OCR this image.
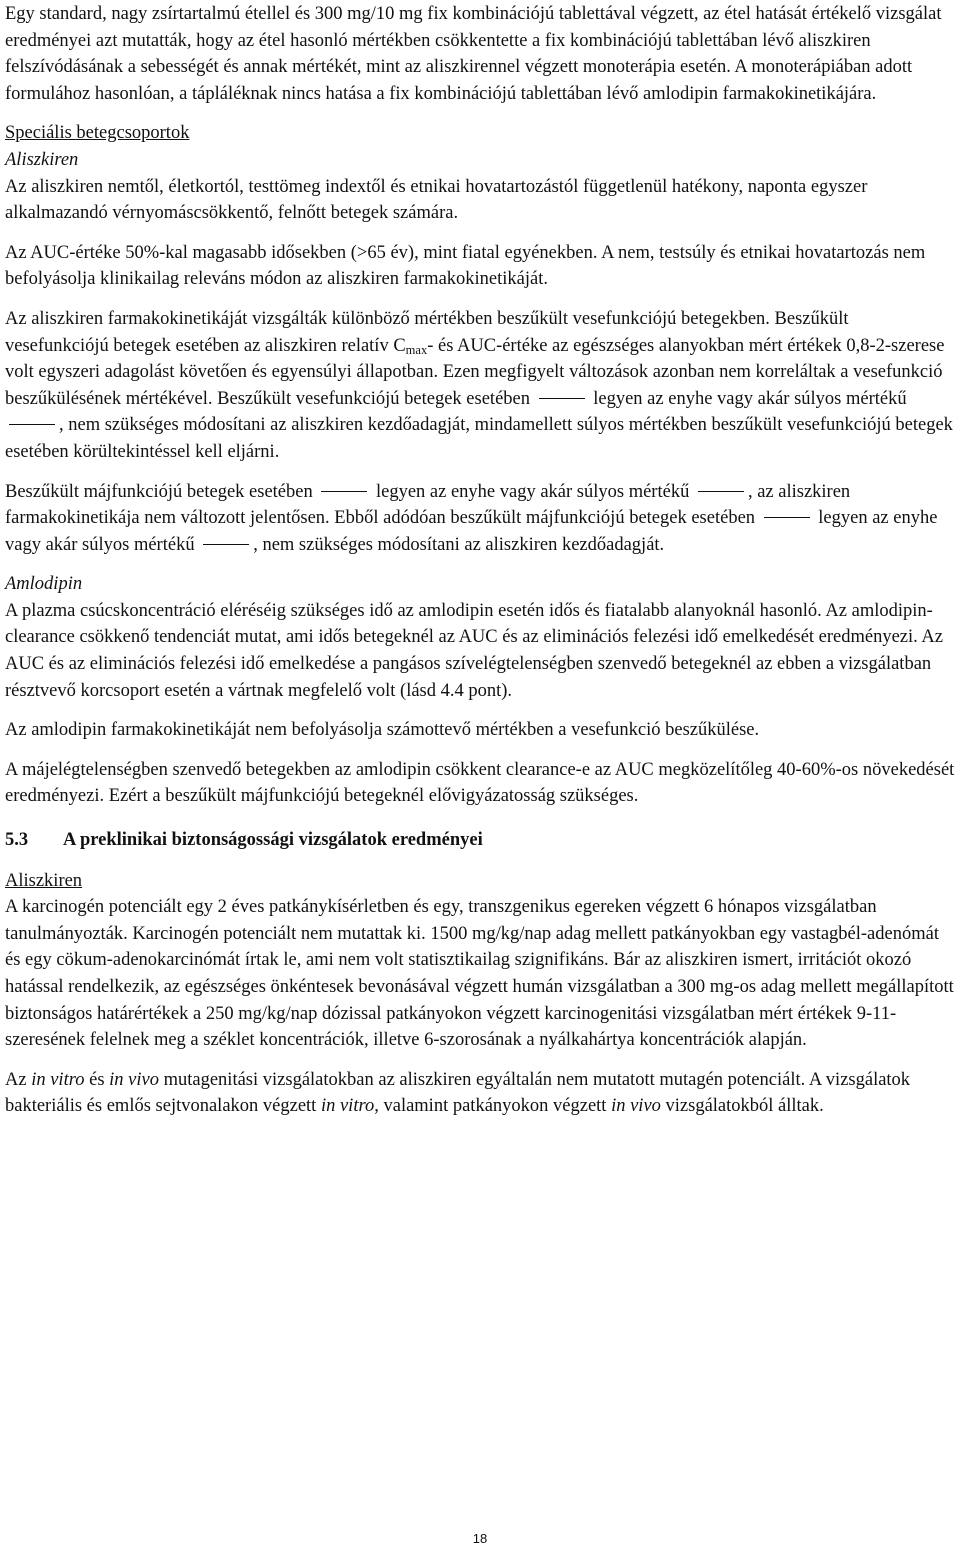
Egy standard, nagy zsírtartalmú étellel és 300 mg/10 mg fix kombinációjú tablettával végzett, az étel hatását értékelő vizsgálat eredményei azt mutatták, hogy az étel hasonló mértékben csökkentette a fix kombinációjú tablettában lévő aliszkiren felszívódásának a sebességét és annak mértékét, mint az aliszkirennel végzett monoterápia esetén. A monoterápiában adott formulához hasonlóan, a tápláléknak nincs hatása a fix kombinációjú tablettában lévő amlodipin farmakokinetikájára.

Speciális betegcsoportok

Aliszkiren

Az aliszkiren nemtől, életkortól, testtömeg indextől és etnikai hovatartozástól függetlenül hatékony, naponta egyszer alkalmazandó vérnyomáscsökkentő, felnőtt betegek számára.

Az AUC-értéke 50%-kal magasabb idősekben (>65 év), mint fiatal egyénekben. A nem, testsúly és etnikai hovatartozás nem befolyásolja klinikailag releváns módon az aliszkiren farmakokinetikáját.

Az aliszkiren farmakokinetikáját vizsgálták különböző mértékben beszűkült vesefunkciójú betegekben. Beszűkült vesefunkciójú betegek esetében az aliszkiren relatív $C_{max}-$ és AUC-értéke az egészséges alanyokban mért értékek 0,8-2-szerese volt egyszeri adagolást követően és egyensúlyi állapotban. Ezen megfigyelt változások azonban nem korreláltak a vesefunkció beszűkülésének mértékével. Beszűkült vesefunkciójú betegek esetében	legyen az enyhe vagy akár súlyos mértékű , nem szükséges módosítani az aliszkiren kezdőadagját, mindamellett súlyos mértékben beszűkült vesefunkciójú betegek esetében körültekintéssel kell eljárni.

Beszűkült májfunkciójú betegek esetében	legyen az enyhe vagy akár súlyos mértékű	, az aliszkiren farmakokinetikája nem változott jelentősen. Ebből adódóan beszűkült májfunkciójú betegek esetében	legyen az enyhe vagy akár súlyos mértékű	, nem szükséges módosítani az aliszkiren kezdőadagját.

Amlodipin

A plazma csúcskoncentráció eléréséig szükséges idő az amlodipin esetén idős és fiatalabb alanyoknál hasonló. Az amlodipin-clearance csökkenő tendenciát mutat, ami idős betegeknél az AUC és az eliminációs felezési idő emelkedését eredményezi. Az AUC és az eliminációs felezési idő emelkedése a pangásos szívelégtelenségben szenvedő betegeknél az ebben a vizsgálatban résztvevő korcsoport esetén a vártnak megfelelő volt (lásd 4.4 pont).

Az amlodipin farmakokinetikáját nem befolyásolja számottevő mértékben a vesefunkció beszűkülése.

A májelégtelenségben szenvedő betegekben az amlodipin csökkent clearance-e az AUC megközelítőleg 40-60%-os növekedését eredményezi. Ezért a beszűkült májfunkciójú betegeknél elővigyázatosság szükséges.

5.3 A preklinikai biztonságossági vizsgálatok eredményei

Aliszkiren

A karcinogén potenciált egy 2 éves patkánykísérletben és egy, transzgenikus egereken végzett 6 hónapos vizsgálatban tanulmányozták. Karcinogén potenciált nem mutattak ki. 1500 mg/kg/nap adag mellett patkányokban egy vastagbél-adenómát és egy cökum-adenokarcinómát írtak le, ami nem volt statisztikailag szignifikáns. Bár az aliszkiren ismert, irritációt okozó hatással rendelkezik, az egészséges önkéntesek bevonásával végzett humán vizsgálatban a 300 mg-os adag mellett megállapított biztonságos határértékek a 250 mg/kg/nap dózissal patkányokon végzett karcinogenitási vizsgálatban mért értékek 9-11-szeresének felelnek meg a széklet koncentrációk, illetve 6-szorosának a nyálkahártya koncentrációk alapján.

Az in vitro és in vivo mutagenitási vizsgálatokban az aliszkiren egyáltalán nem mutatott mutagén potenciált. A vizsgálatok bakteriális és emlős sejtvonalakon végzett in vitro, valamint patkányokon végzett in vivo vizsgálatokból álltak.

18
